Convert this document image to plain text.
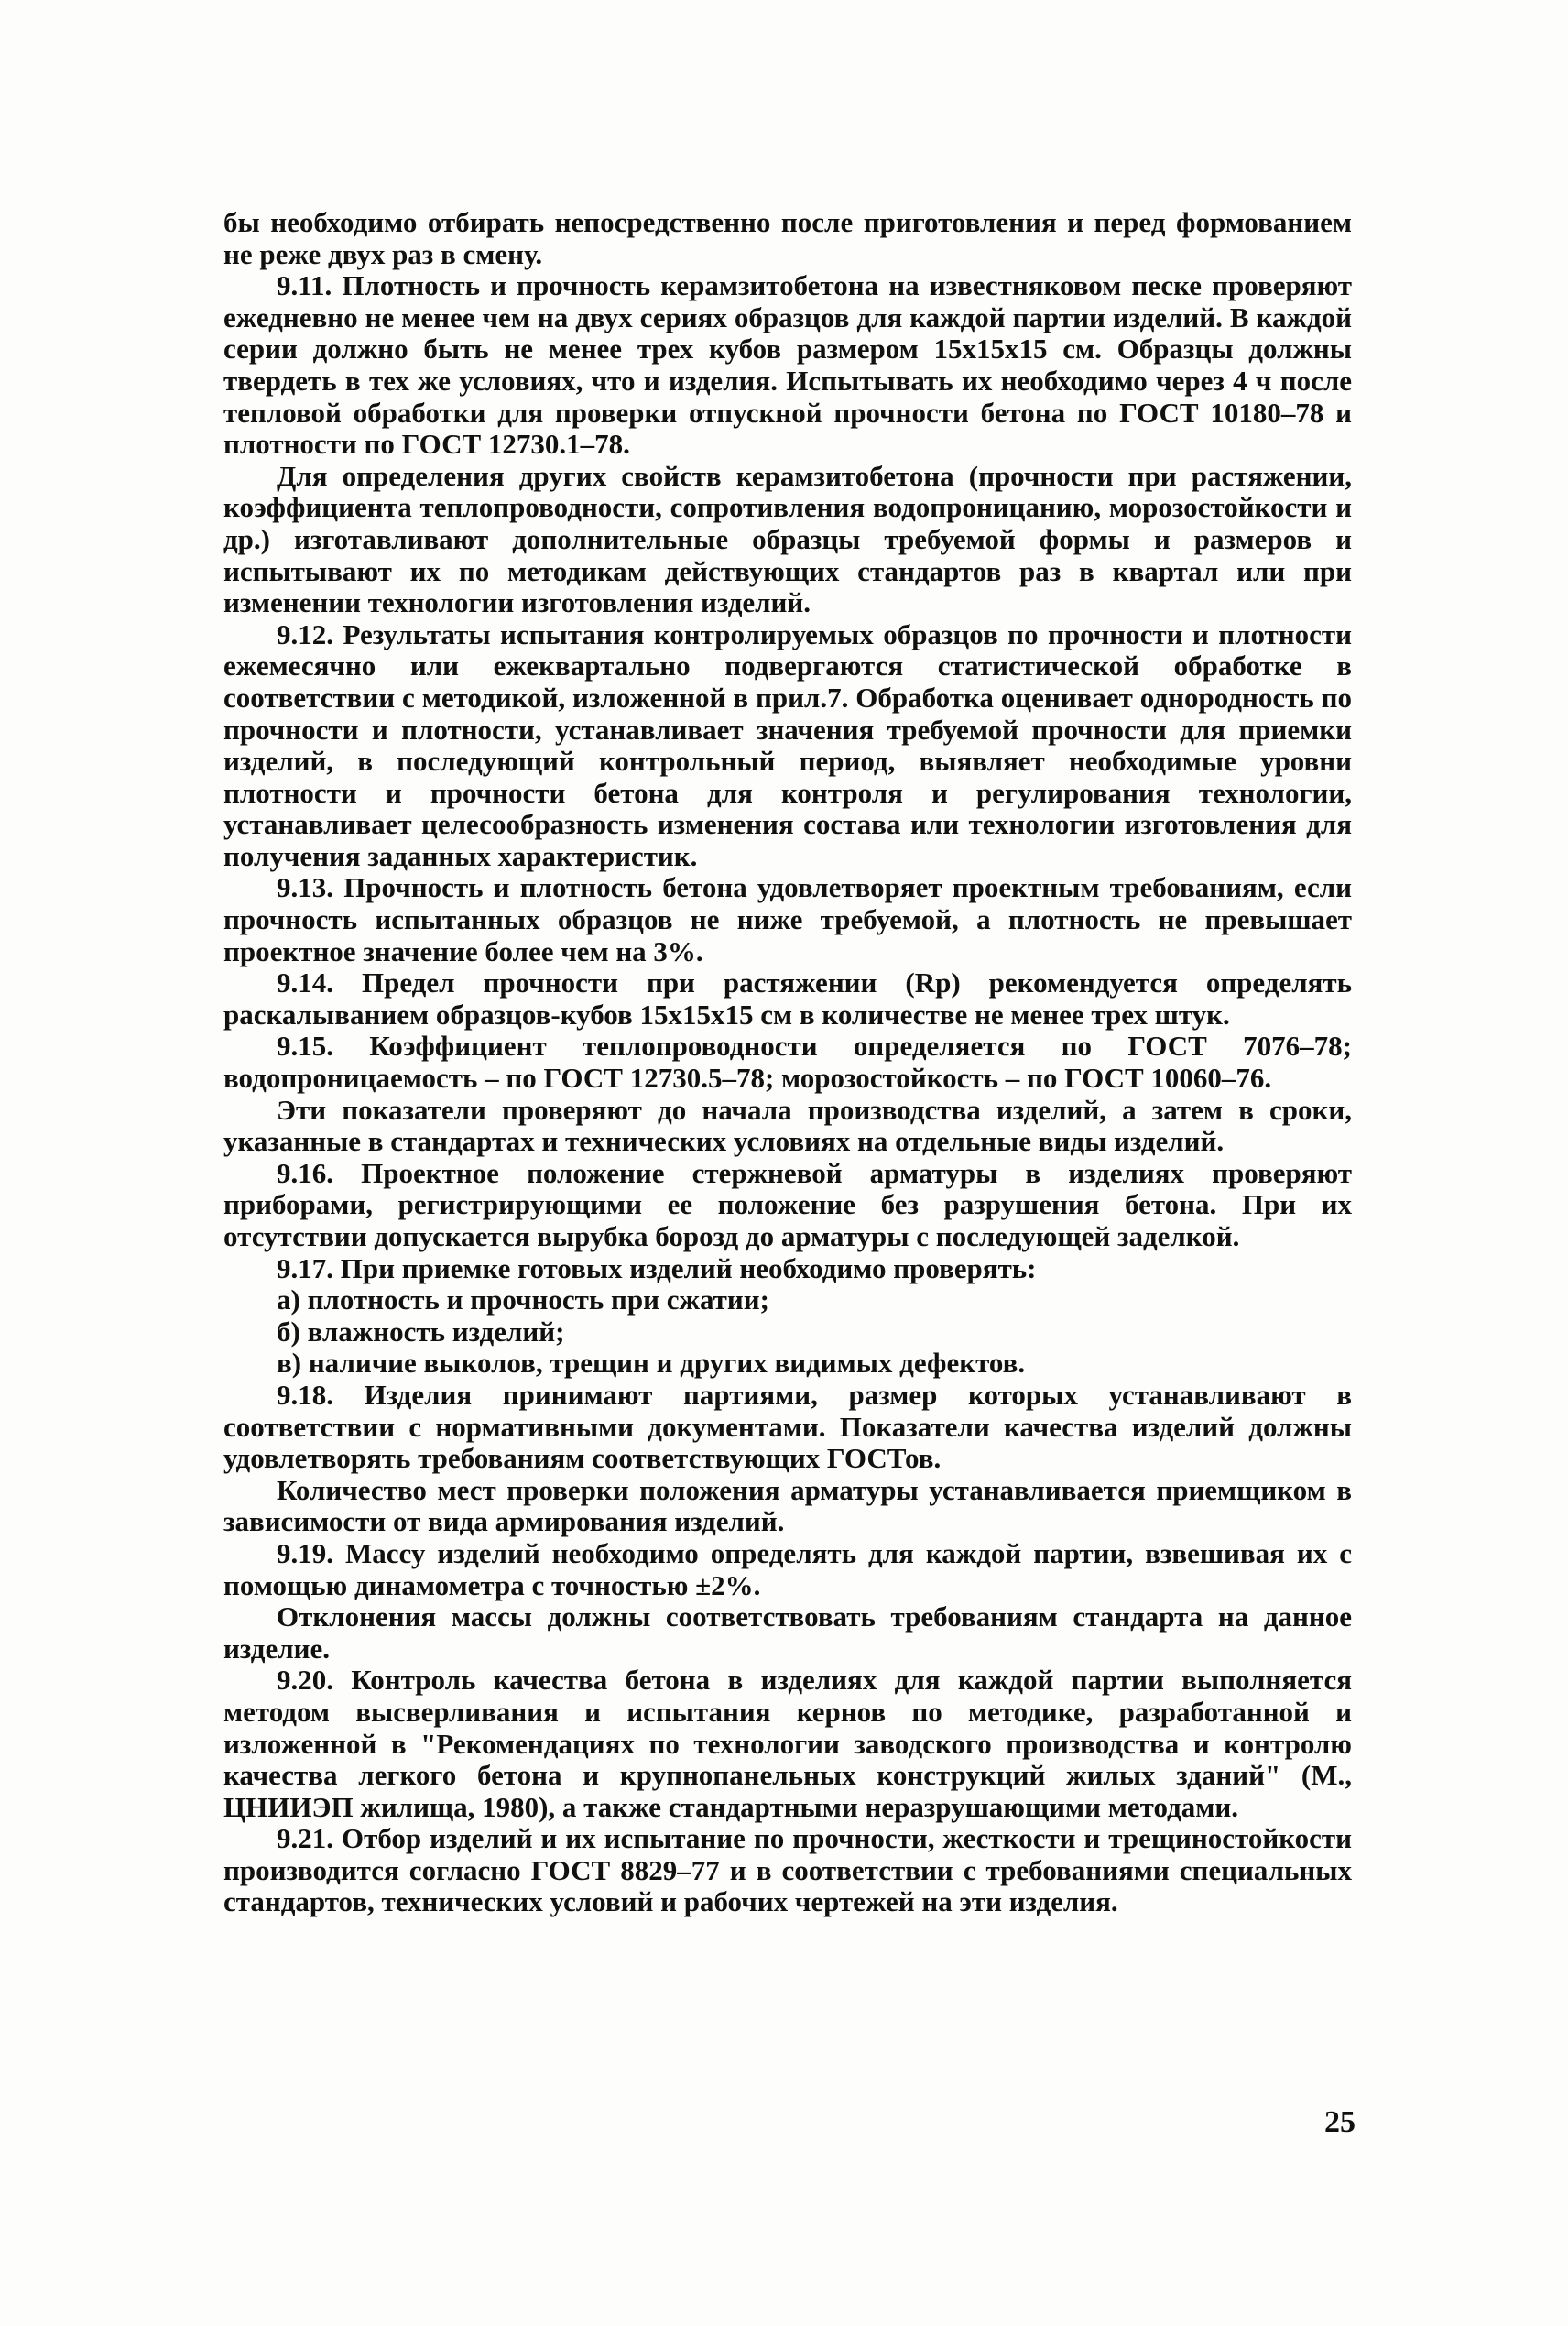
бы необходимо отбирать непосредственно после приготовления и перед формованием не реже двух раз в смену.

9.11. Плотность и прочность керамзитобетона на известняковом песке проверяют ежедневно не менее чем на двух сериях образцов для каждой партии изделий. В каждой серии должно быть не менее трех кубов размером 15х15х15 см. Образцы должны твердеть в тех же условиях, что и изделия. Испытывать их необходимо через 4 ч после тепловой обработки для проверки отпускной прочности бетона по ГОСТ 10180–78 и плотности по ГОСТ 12730.1–78.

Для определения других свойств керамзитобетона (прочности при растяжении, коэффициента теплопроводности, сопротивления водопроницанию, морозостойкости и др.) изготавливают дополнительные образцы требуемой формы и размеров и испытывают их по методикам действующих стандартов раз в квартал или при изменении технологии изготовления изделий.

9.12. Результаты испытания контролируемых образцов по прочности и плотности ежемесячно или ежеквартально подвергаются статистической обработке в соответствии с методикой, изложенной в прил.7. Обработка оценивает однородность по прочности и плотности, устанавливает значения требуемой прочности для приемки изделий, в последующий контрольный период, выявляет необходимые уровни плотности и прочности бетона для контроля и регулирования технологии, устанавливает целесообразность изменения состава или технологии изготовления для получения заданных характеристик.

9.13. Прочность и плотность бетона удовлетворяет проектным требованиям, если прочность испытанных образцов не ниже требуемой, а плотность не превышает проектное значение более чем на 3%.

9.14. Предел прочности при растяжении (Rр) рекомендуется определять раскалыванием образцов-кубов 15х15х15 см в количестве не менее трех штук.

9.15. Коэффициент теплопроводности определяется по ГОСТ 7076–78; водопроницаемость – по ГОСТ 12730.5–78; морозостойкость – по ГОСТ 10060–76.

Эти показатели проверяют до начала производства изделий, а затем в сроки, указанные в стандартах и технических условиях на отдельные виды изделий.

9.16. Проектное положение стержневой арматуры в изделиях проверяют приборами, регистрирующими ее положение без разрушения бетона. При их отсутствии допускается вырубка борозд до арматуры с последующей заделкой.

9.17. При приемке готовых изделий необходимо проверять:

а) плотность и прочность при сжатии;

б) влажность изделий;

в) наличие выколов, трещин и других видимых дефектов.

9.18. Изделия принимают партиями, размер которых устанавливают в соответствии с нормативными документами. Показатели качества изделий должны удовлетворять требованиям соответствующих ГОСТов.

Количество мест проверки положения арматуры устанавливается приемщиком в зависимости от вида армирования изделий.

9.19. Массу изделий необходимо определять для каждой партии, взвешивая их с помощью динамометра с точностью ±2%.

Отклонения массы должны соответствовать требованиям стандарта на данное изделие.

9.20. Контроль качества бетона в изделиях для каждой партии выполняется методом высверливания и испытания кернов по методике, разработанной и изложенной в "Рекомендациях по технологии заводского производства и контролю качества легкого бетона и крупнопанельных конструкций жилых зданий" (М., ЦНИИЭП жилища, 1980), а также стандартными неразрушающими методами.

9.21. Отбор изделий и их испытание по прочности, жесткости и трещиностойкости производится согласно ГОСТ 8829–77 и в соответствии с требованиями специальных стандартов, технических условий и рабочих чертежей на эти изделия.

25
